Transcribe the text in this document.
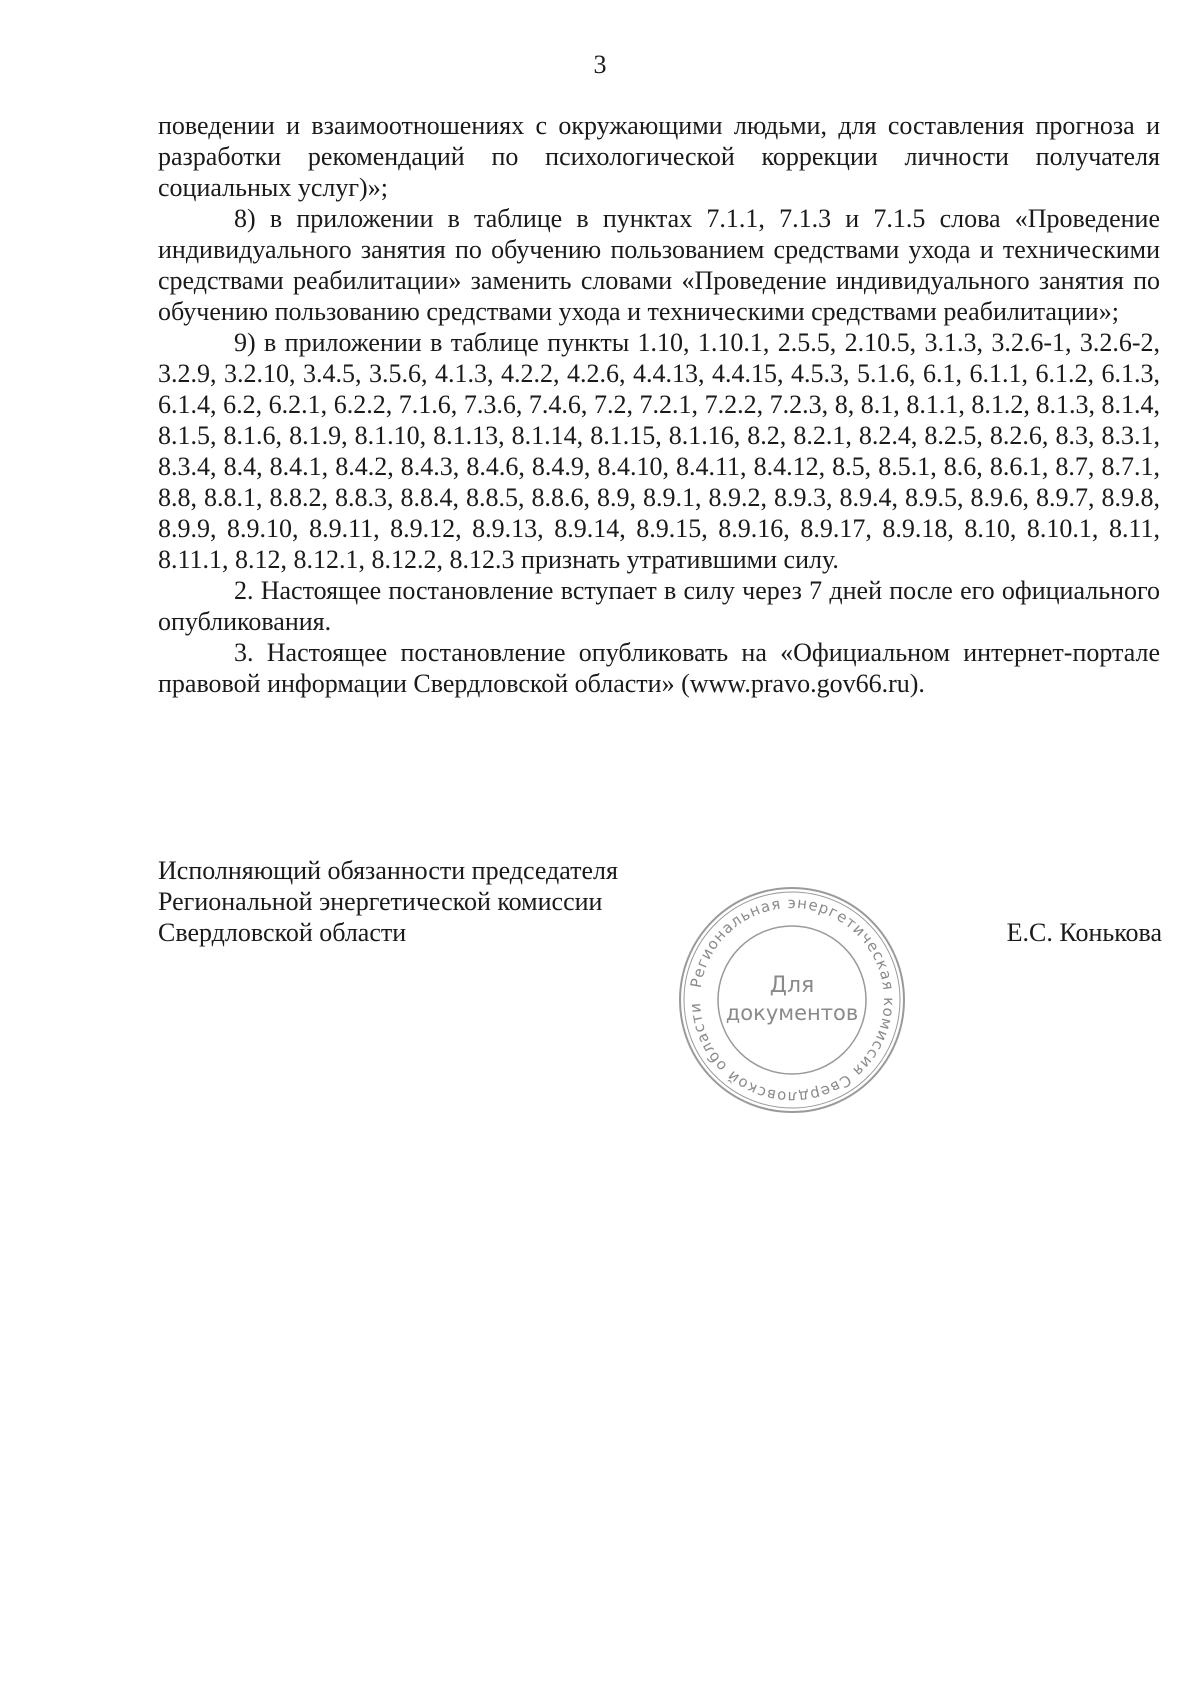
3

поведении и взаимоотношениях с окружающими людьми, для составления прогноза и разработки рекомендаций по психологической коррекции личности получателя социальных услуг)»;

8) в приложении в таблице в пунктах 7.1.1, 7.1.3 и 7.1.5 слова «Проведение индивидуального занятия по обучению пользованием средствами ухода и техническими средствами реабилитации» заменить словами «Проведение индивидуального занятия по обучению пользованию средствами ухода и техническими средствами реабилитации»;

9) в приложении в таблице пункты 1.10, 1.10.1, 2.5.5, 2.10.5, 3.1.3, 3.2.6-1, 3.2.6-2, 3.2.9, 3.2.10, 3.4.5, 3.5.6, 4.1.3, 4.2.2, 4.2.6, 4.4.13, 4.4.15, 4.5.3, 5.1.6, 6.1, 6.1.1, 6.1.2, 6.1.3, 6.1.4, 6.2, 6.2.1, 6.2.2, 7.1.6, 7.3.6, 7.4.6, 7.2, 7.2.1, 7.2.2, 7.2.3, 8, 8.1, 8.1.1, 8.1.2, 8.1.3, 8.1.4, 8.1.5, 8.1.6, 8.1.9, 8.1.10, 8.1.13, 8.1.14, 8.1.15, 8.1.16, 8.2, 8.2.1, 8.2.4, 8.2.5, 8.2.6, 8.3, 8.3.1, 8.3.4, 8.4, 8.4.1, 8.4.2, 8.4.3, 8.4.6, 8.4.9, 8.4.10, 8.4.11, 8.4.12, 8.5, 8.5.1, 8.6, 8.6.1, 8.7, 8.7.1, 8.8, 8.8.1, 8.8.2, 8.8.3, 8.8.4, 8.8.5, 8.8.6, 8.9, 8.9.1, 8.9.2, 8.9.3, 8.9.4, 8.9.5, 8.9.6, 8.9.7, 8.9.8, 8.9.9, 8.9.10, 8.9.11, 8.9.12, 8.9.13, 8.9.14, 8.9.15, 8.9.16, 8.9.17, 8.9.18, 8.10, 8.10.1, 8.11, 8.11.1, 8.12, 8.12.1, 8.12.2, 8.12.3 признать утратившими силу.

2. Настоящее постановление вступает в силу через 7 дней после его официального опубликования.

3. Настоящее постановление опубликовать на «Официальном интернет-портале правовой информации Свердловской области» (www.pravo.gov66.ru).

Исполняющий обязанности председателя
Региональной энергетической комиссии
Свердловской области	Е.С. Конькова
Региональная энергетическая комиссия Свердловской области
Для
документов
